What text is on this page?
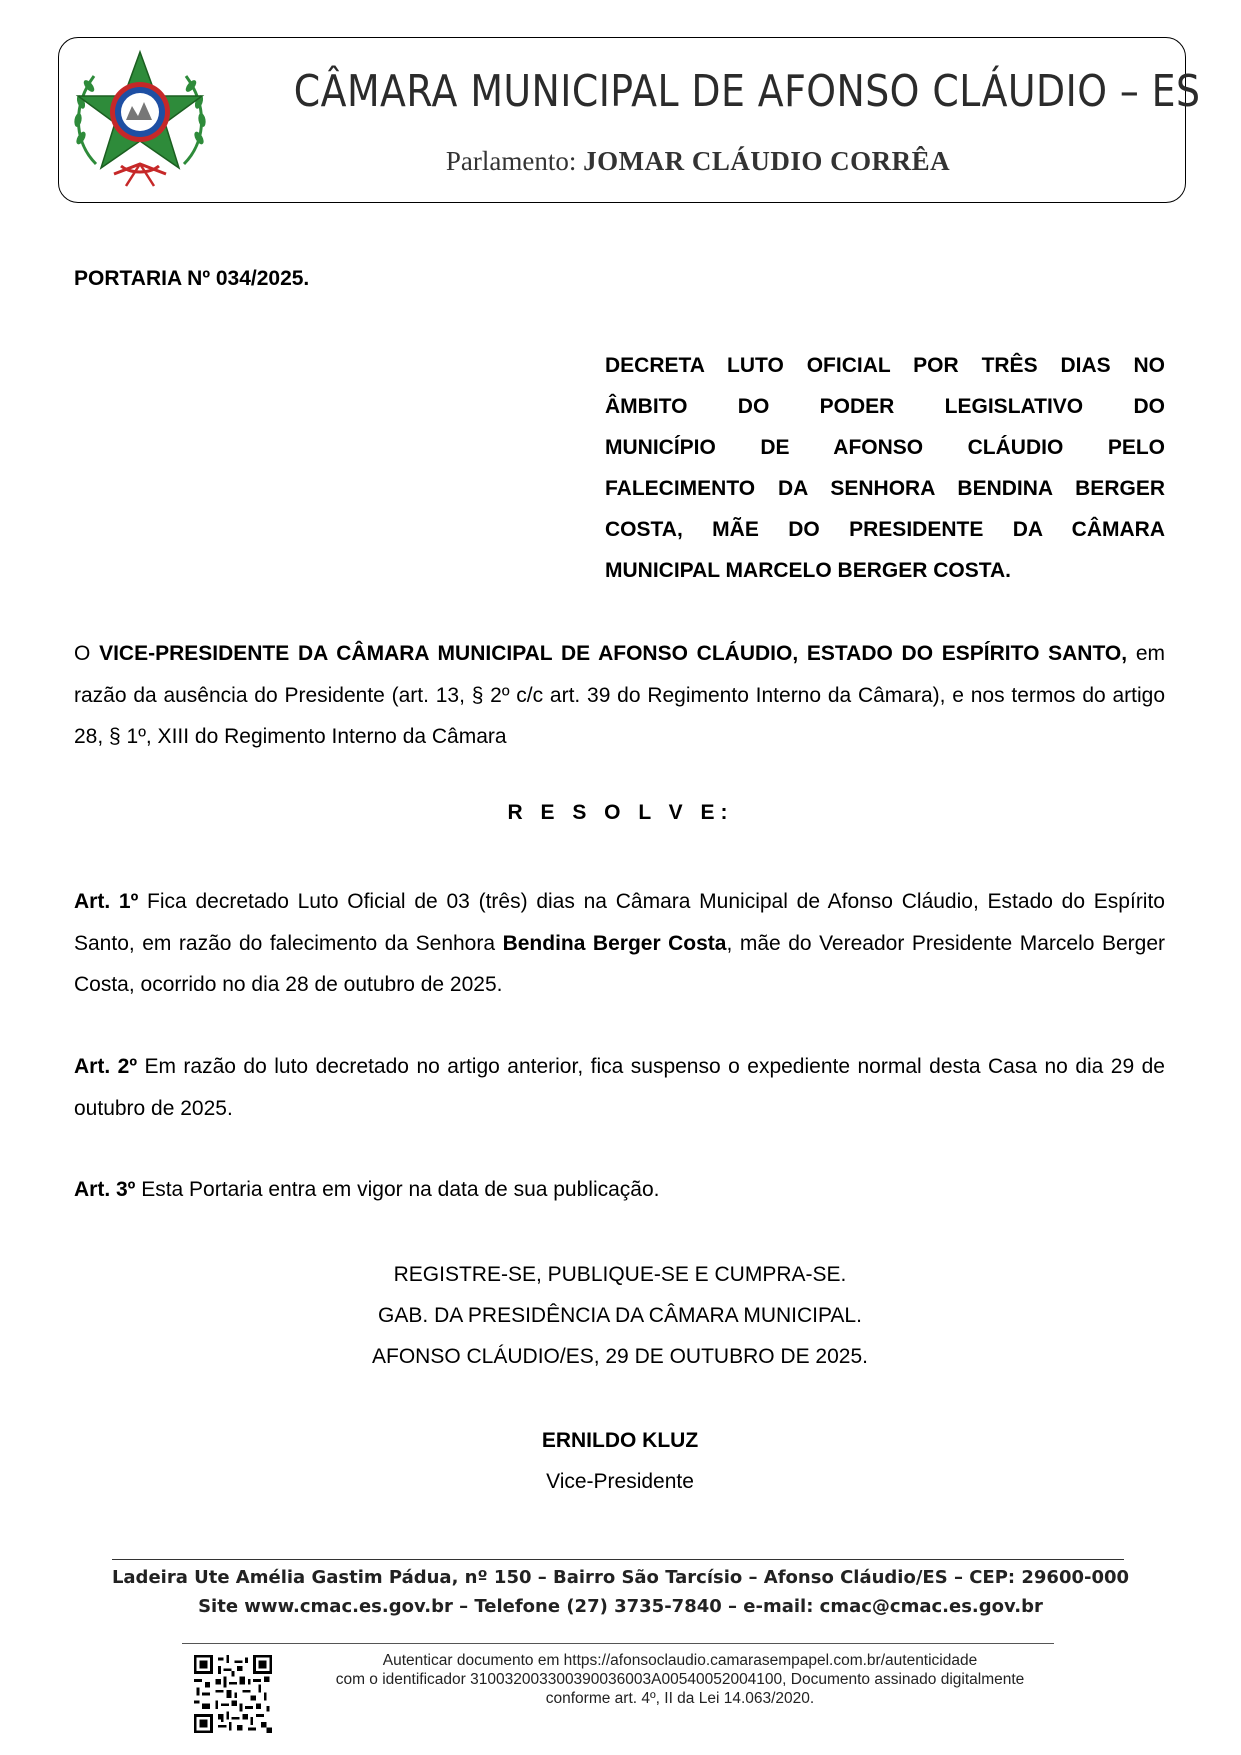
CÂMARA MUNICIPAL DE AFONSO CLÁUDIO – ES
Parlamento: JOMAR CLÁUDIO CORRÊA
PORTARIA Nº 034/2025.
DECRETA LUTO OFICIAL POR TRÊS DIAS NO
ÂMBITO DO PODER LEGISLATIVO DO
MUNICÍPIO DE AFONSO CLÁUDIO PELO
FALECIMENTO DA SENHORA BENDINA BERGER
COSTA, MÃE DO PRESIDENTE DA CÂMARA
MUNICIPAL MARCELO BERGER COSTA.
O VICE-PRESIDENTE DA CÂMARA MUNICIPAL DE AFONSO CLÁUDIO, ESTADO DO ESPÍRITO SANTO, em razão da ausência do Presidente (art. 13, § 2º c/c art. 39 do Regimento Interno da Câmara), e nos termos do artigo 28, § 1º, XIII do Regimento Interno da Câmara
R E S O L V E:
Art. 1º Fica decretado Luto Oficial de 03 (três) dias na Câmara Municipal de Afonso Cláudio, Estado do Espírito Santo, em razão do falecimento da Senhora Bendina Berger Costa, mãe do Vereador Presidente Marcelo Berger Costa, ocorrido no dia 28 de outubro de 2025.
Art. 2º Em razão do luto decretado no artigo anterior, fica suspenso o expediente normal desta Casa no dia 29 de outubro de 2025.
Art. 3º Esta Portaria entra em vigor na data de sua publicação.
REGISTRE-SE, PUBLIQUE-SE E CUMPRA-SE.
GAB. DA PRESIDÊNCIA DA CÂMARA MUNICIPAL.
AFONSO CLÁUDIO/ES, 29 DE OUTUBRO DE 2025.
ERNILDO KLUZ
Vice-Presidente
Ladeira Ute Amélia Gastim Pádua, nº 150 – Bairro São Tarcísio – Afonso Cláudio/ES – CEP: 29600-000
Site www.cmac.es.gov.br – Telefone (27) 3735-7840 – e-mail: cmac@cmac.es.gov.br
Autenticar documento em https://afonsoclaudio.camarasempapel.com.br/autenticidade
com o identificador 310032003300390036003A00540052004100, Documento assinado digitalmente
conforme art. 4º, II da Lei 14.063/2020.
